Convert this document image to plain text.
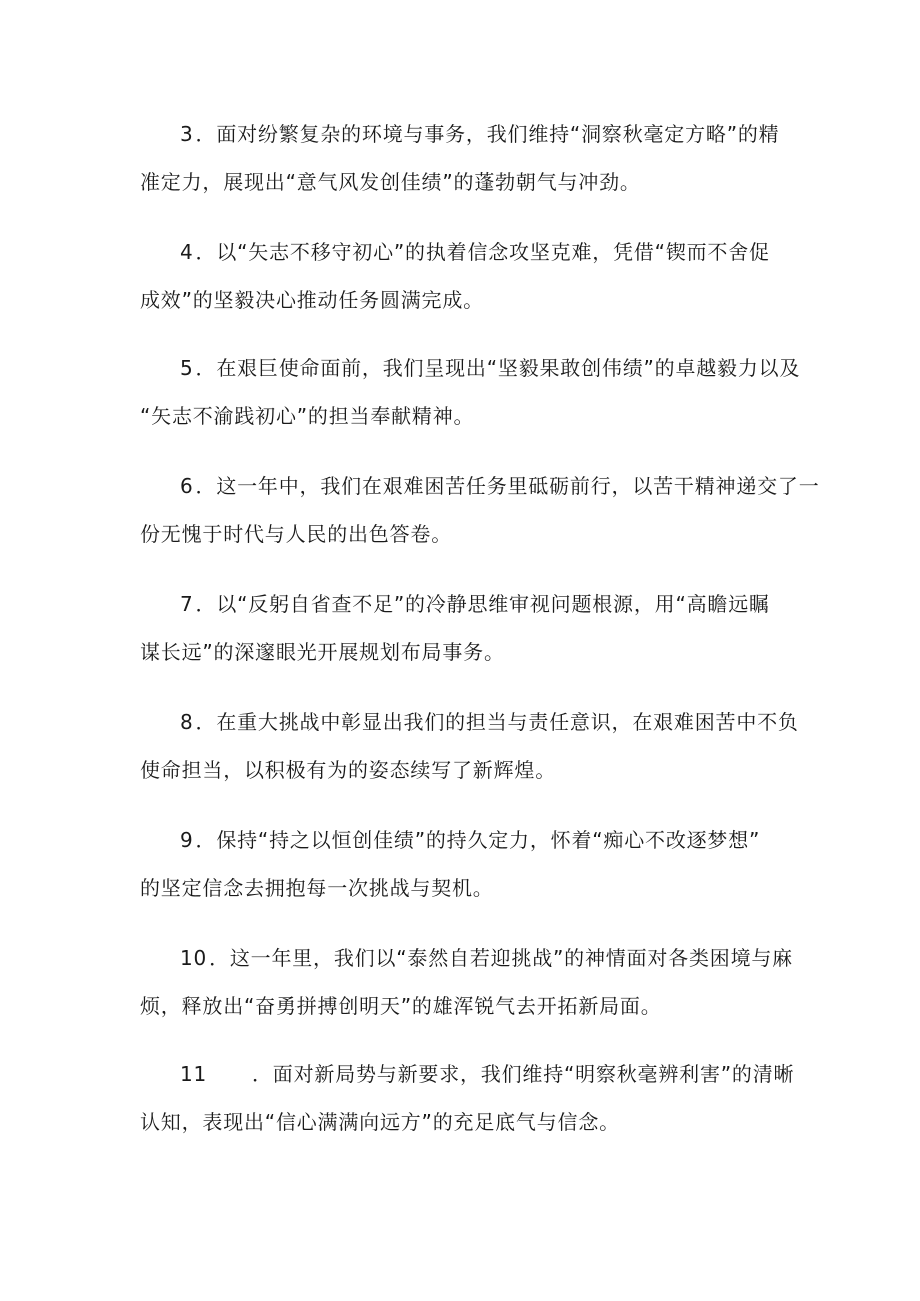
3 ．面对纷繁复杂的环境与事务，我们维持“洞察秋毫定方略”的精
准定力，展现出“意气风发创佳绩”的蓬勃朝气与冲劲。
4 ．以“矢志不移守初心”的执着信念攻坚克难，凭借“锲而不舍促
成效”的坚毅决心推动任务圆满完成。
5 ．在艰巨使命面前，我们呈现出“坚毅果敢创伟绩”的卓越毅力以及
“矢志不渝践初心”的担当奉献精神。
6 ．这一年中，我们在艰难困苦任务里砥砺前行，以苦干精神递交了一
份无愧于时代与人民的出色答卷。
7 ．以“反躬自省查不足”的冷静思维审视问题根源，用“高瞻远瞩
谋长远”的深邃眼光开展规划布局事务。
8 ．在重大挑战中彰显出我们的担当与责任意识，在艰难困苦中不负
使命担当，以积极有为的姿态续写了新辉煌。
9 ．保持“持之以恒创佳绩”的持久定力，怀着“痴心不改逐梦想”
的坚定信念去拥抱每一次挑战与契机。
10 ．这一年里，我们以“泰然自若迎挑战”的神情面对各类困境与麻
烦，释放出“奋勇拼搏创明天”的雄浑锐气去开拓新局面。
11 ．面对新局势与新要求，我们维持“明察秋毫辨利害”的清晰
认知，表现出“信心满满向远方”的充足底气与信念。
